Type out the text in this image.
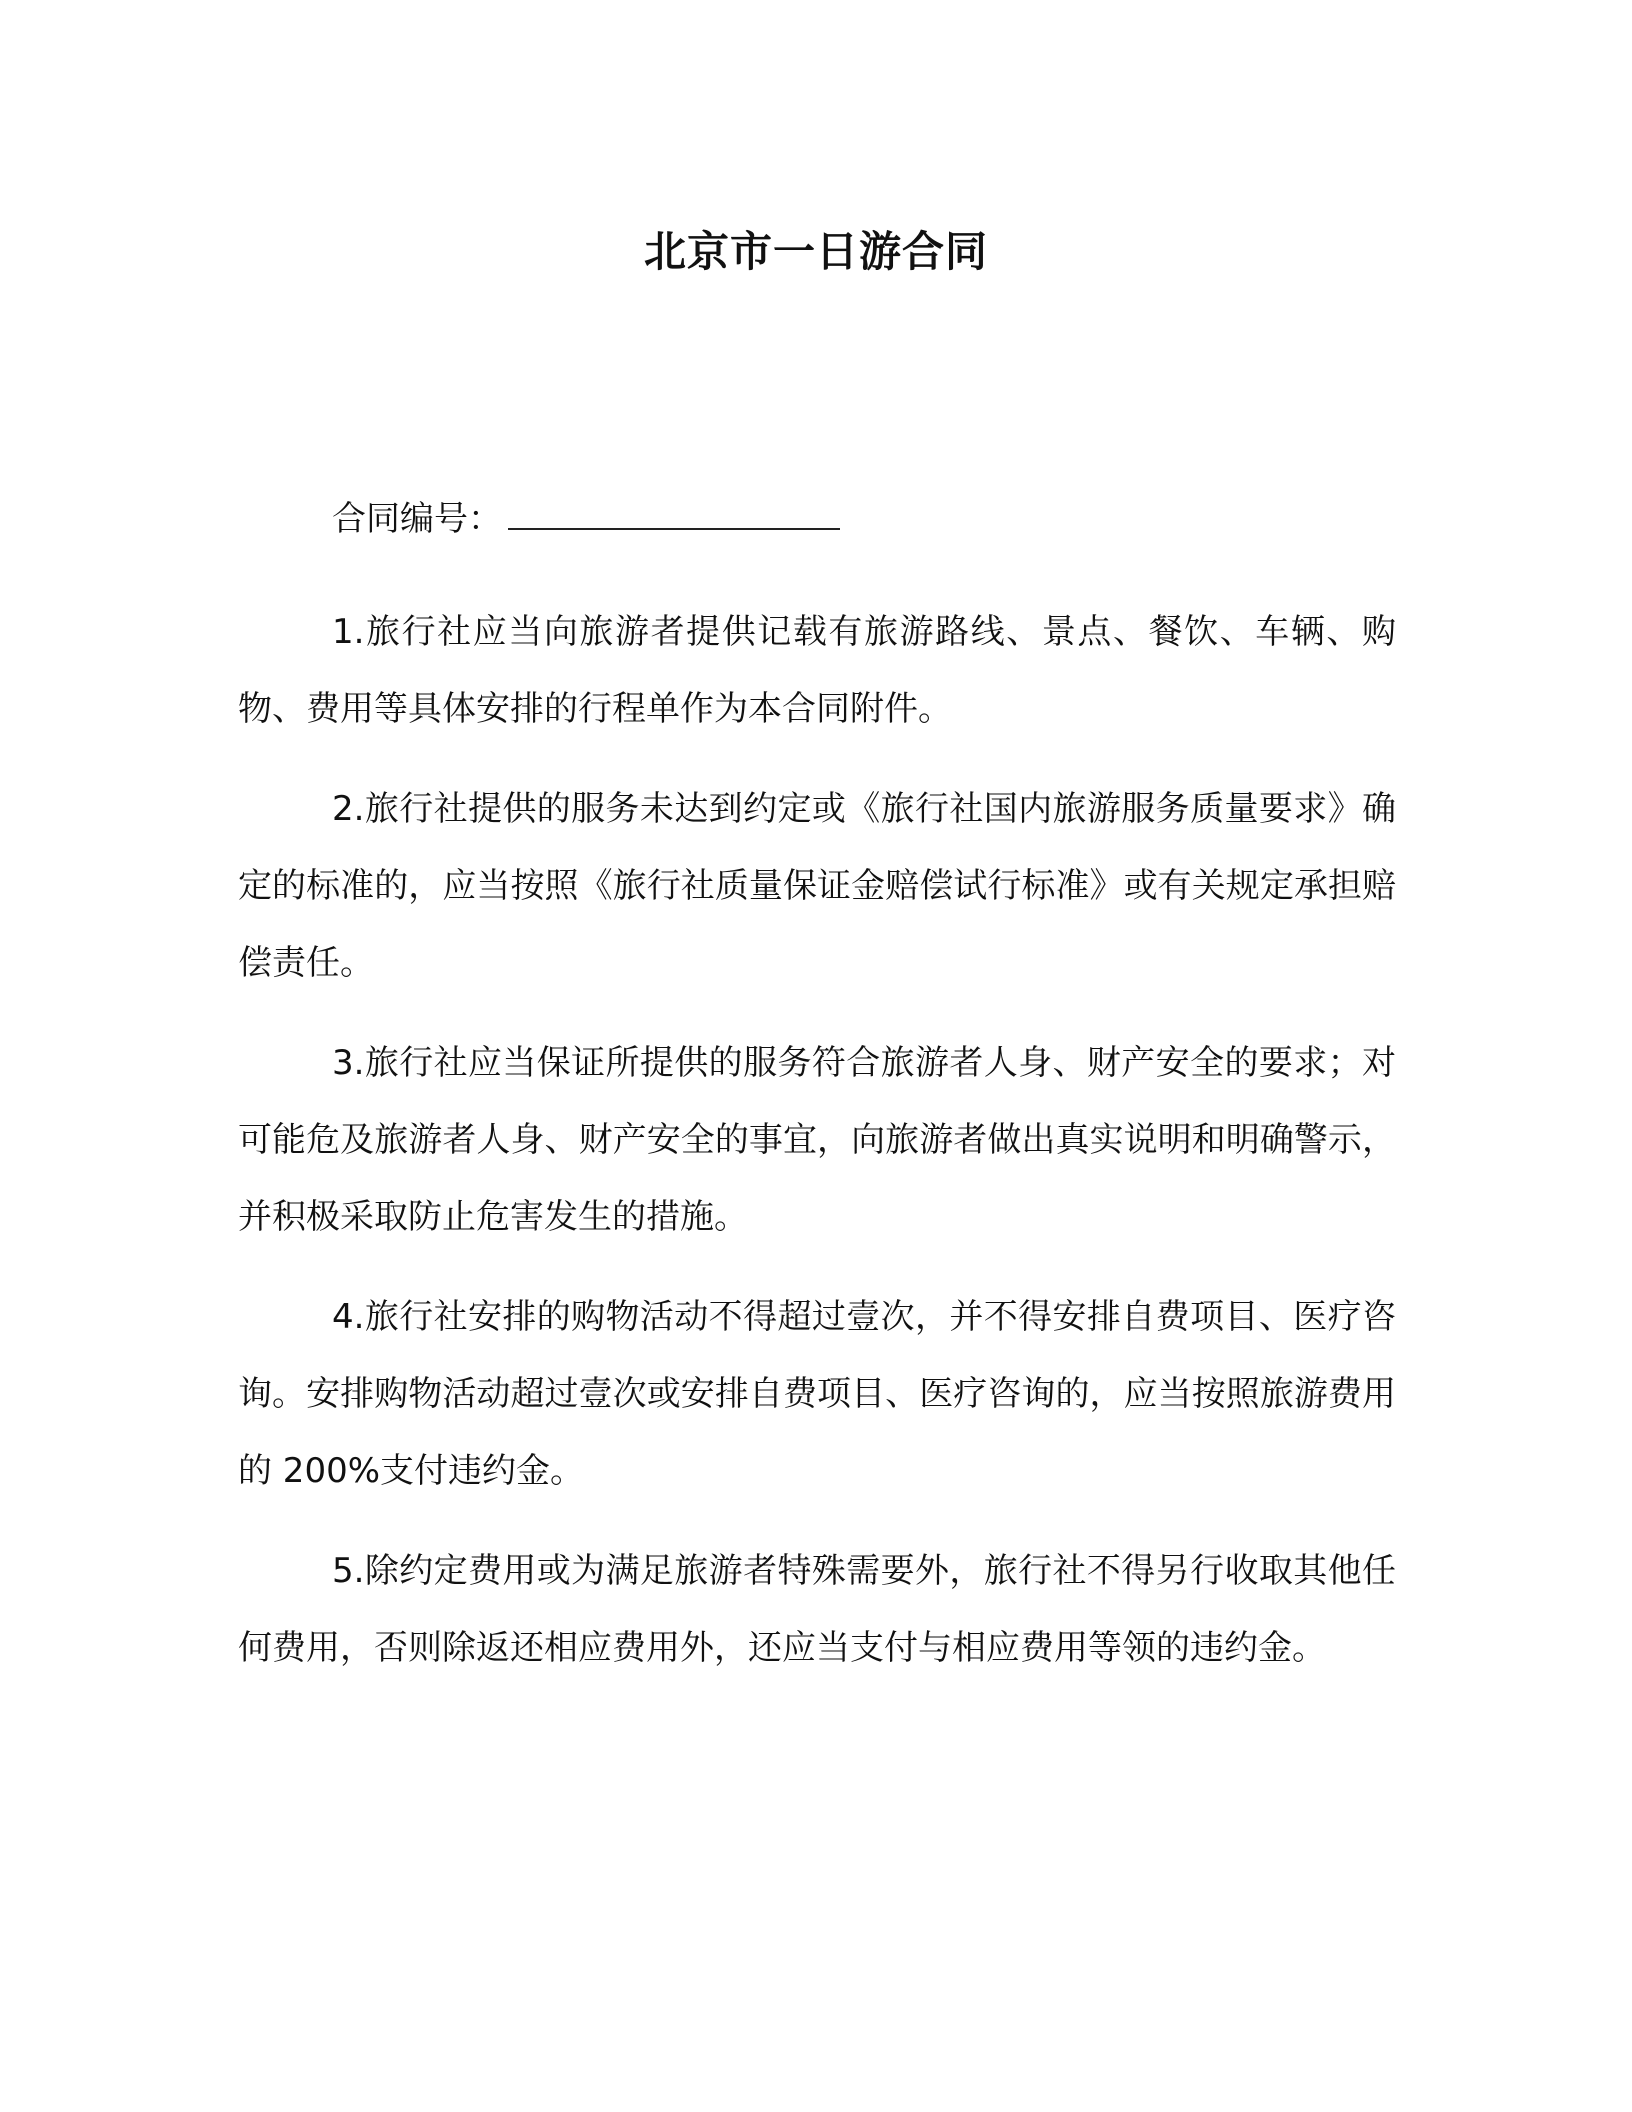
北京市一日游合同
合同编号：

1.旅行社应当向旅游者提供记载有旅游路线、景点、餐饮、车辆、购物、费用等具体安排的行程单作为本合同附件。

2.旅行社提供的服务未达到约定或《旅行社国内旅游服务质量要求》确定的标准的，应当按照《旅行社质量保证金赔偿试行标准》或有关规定承担赔偿责任。

3.旅行社应当保证所提供的服务符合旅游者人身、财产安全的要求；对可能危及旅游者人身、财产安全的事宜，向旅游者做出真实说明和明确警示，并积极采取防止危害发生的措施。

4.旅行社安排的购物活动不得超过壹次，并不得安排自费项目、医疗咨询。安排购物活动超过壹次或安排自费项目、医疗咨询的，应当按照旅游费用的 200%支付违约金。

5.除约定费用或为满足旅游者特殊需要外，旅行社不得另行收取其他任何费用，否则除返还相应费用外，还应当支付与相应费用等领的违约金。
